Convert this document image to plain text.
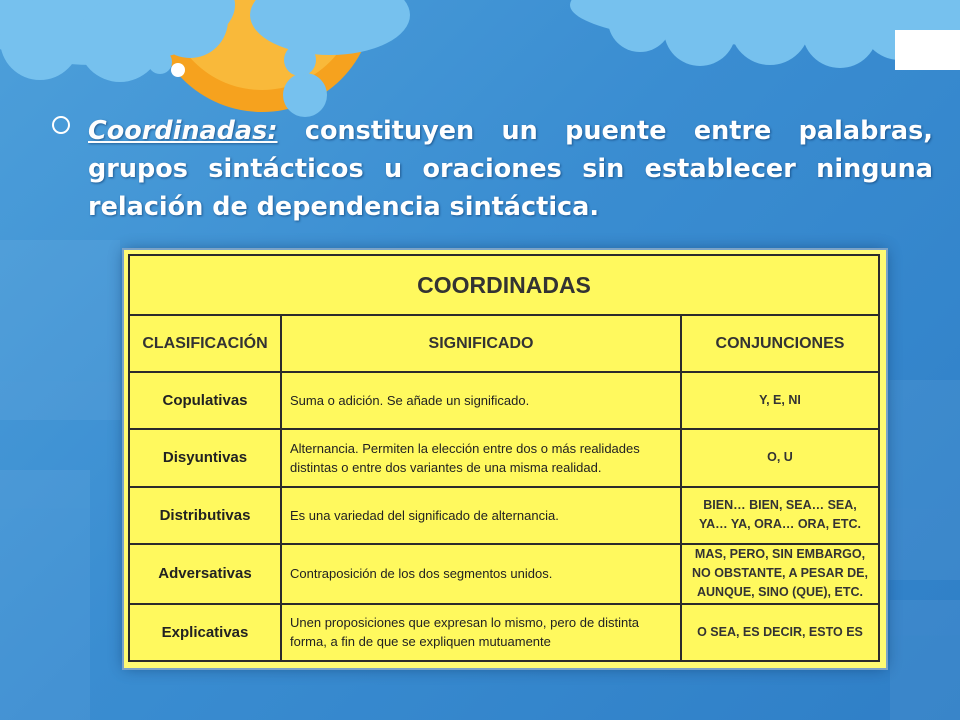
Coordinadas: constituyen un puente entre palabras, grupos sintácticos u oraciones sin establecer ninguna relación de dependencia sintáctica.
COORDINADAS		
CLASIFICACIÓN	SIGNIFICADO	CONJUNCIONES
Copulativas	Suma o adición. Se añade un significado.	Y, E, NI
Disyuntivas	Alternancia. Permiten la elección entre dos o más realidades distintas o entre dos variantes de una misma realidad.	O, U
Distributivas	Es una variedad del significado de alternancia.	BIEN… BIEN, SEA… SEA, YA… YA, ORA… ORA, ETC.
Adversativas	Contraposición de los dos segmentos unidos.	MAS, PERO, SIN EMBARGO, NO OBSTANTE, A PESAR DE, AUNQUE, SINO (QUE), ETC.
Explicativas	Unen proposiciones que expresan lo mismo, pero de distinta forma, a fin de que se expliquen mutuamente	O SEA, ES DECIR, ESTO ES
